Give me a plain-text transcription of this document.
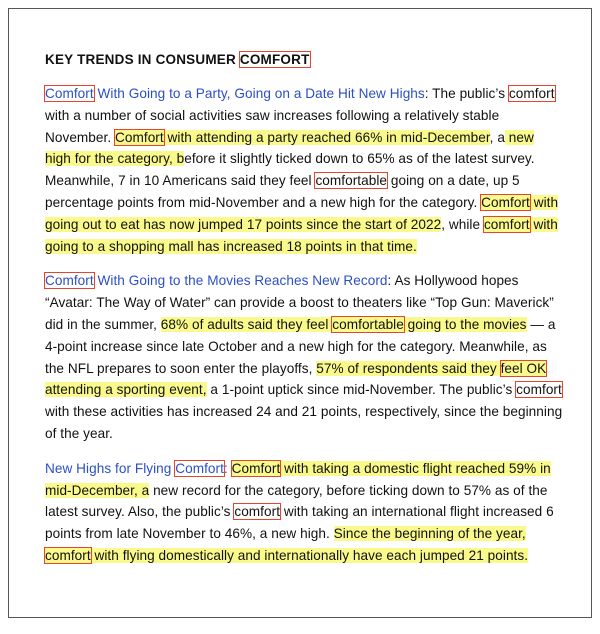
KEY TRENDS IN CONSUMER COMFORT

Comfort With Going to a Party, Going on a Date Hit New Highs: The public’s comfort with a number of social activities saw increases following a relatively stable November. Comfort with attending a party reached 66% in mid-December, a new high for the category, before it slightly ticked down to 65% as of the latest survey. Meanwhile, 7 in 10 Americans said they feel comfortable going on a date, up 5 percentage points from mid-November and a new high for the category. Comfort with going out to eat has now jumped 17 points since the start of 2022, while comfort with going to a shopping mall has increased 18 points in that time.

Comfort With Going to the Movies Reaches New Record: As Hollywood hopes “Avatar: The Way of Water” can provide a boost to theaters like “Top Gun: Maverick” did in the summer, 68% of adults said they feel comfortable going to the movies — a 4-point increase since late October and a new high for the category. Meanwhile, as the NFL prepares to soon enter the playoffs, 57% of respondents said they feel OK attending a sporting event, a 1-point uptick since mid-November. The public’s comfort with these activities has increased 24 and 21 points, respectively, since the beginning of the year.

New Highs for Flying Comfort: Comfort with taking a domestic flight reached 59% in mid-December, a new record for the category, before ticking down to 57% as of the latest survey. Also, the public’s comfort with taking an international flight increased 6 points from late November to 46%, a new high. Since the beginning of the year, comfort with flying domestically and internationally have each jumped 21 points.
